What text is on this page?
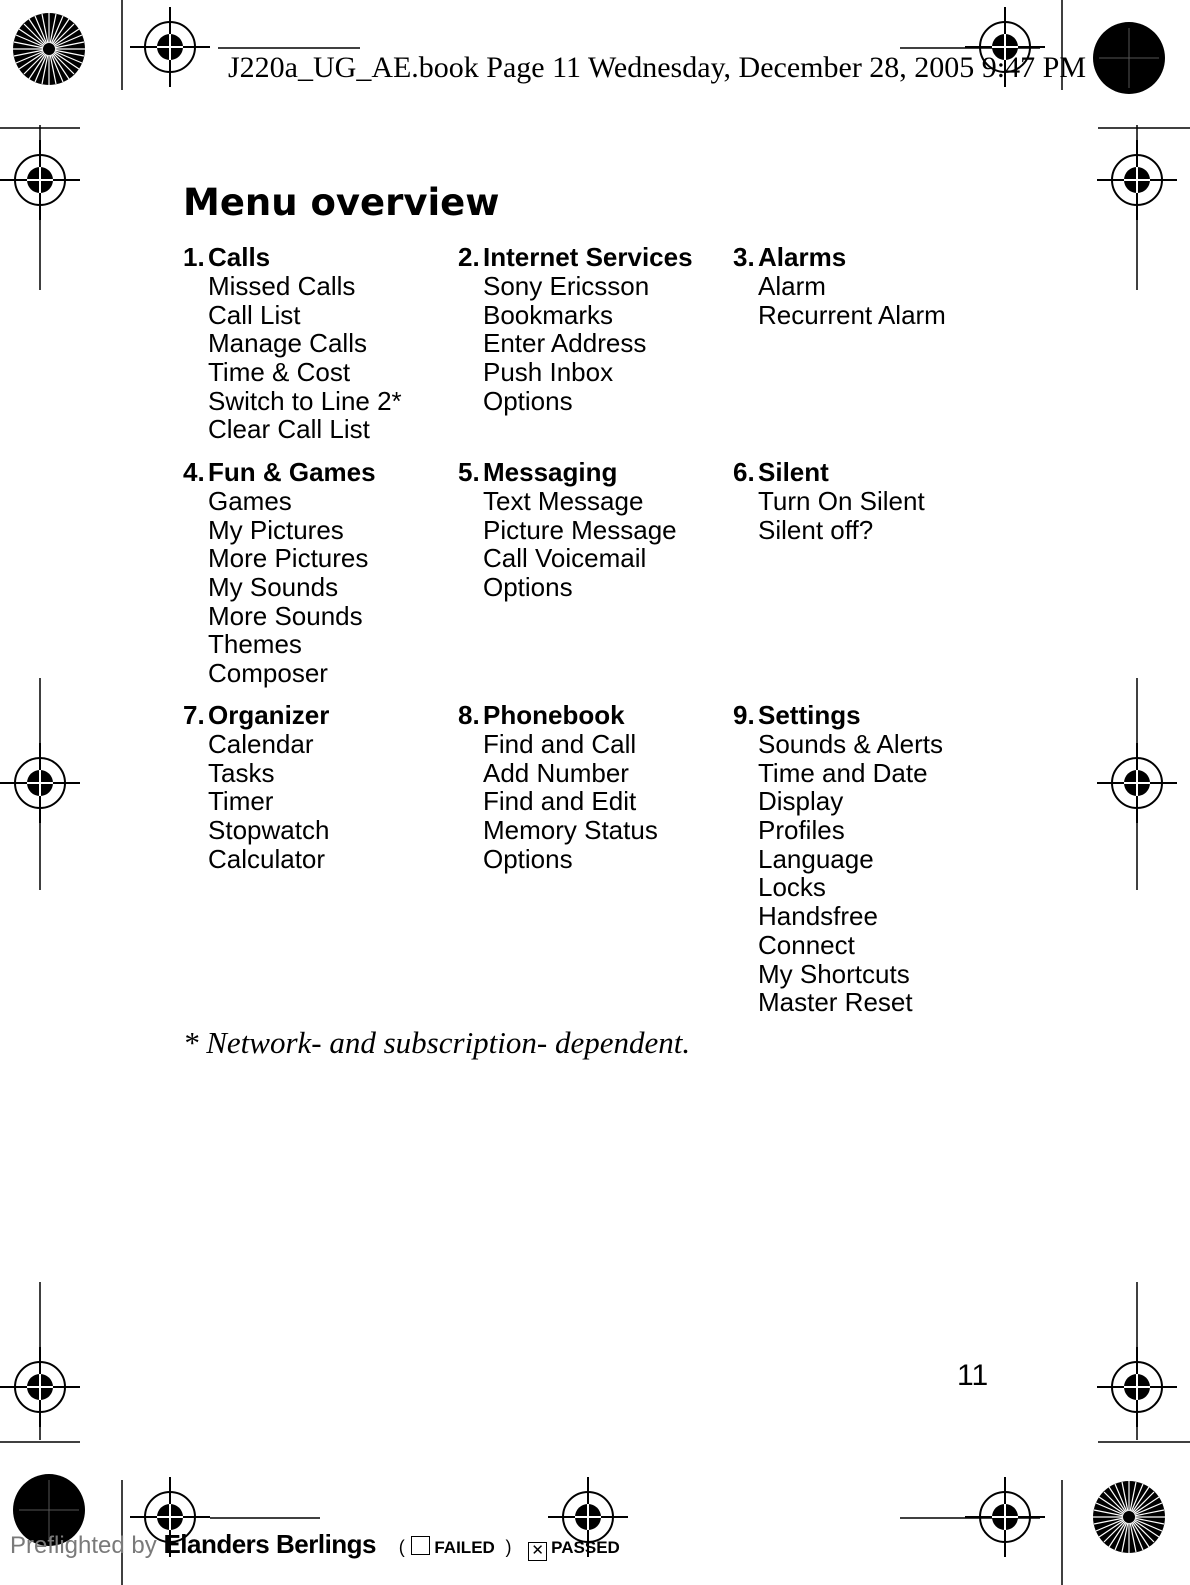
J220a_UG_AE.book Page 11 Wednesday, December 28, 2005 9:47 PM
Menu overview
1. Calls
Missed Calls
Call List
Manage Calls
Time & Cost
Switch to Line 2*
Clear Call List
2. Internet Services
Sony Ericsson
Bookmarks
Enter Address
Push Inbox
Options
3. Alarms
Alarm
Recurrent Alarm
4. Fun & Games
Games
My Pictures
More Pictures
My Sounds
More Sounds
Themes
Composer
5. Messaging
Text Message
Picture Message
Call Voicemail
Options
6. Silent
Turn On Silent
Silent off?
7. Organizer
Calendar
Tasks
Timer
Stopwatch
Calculator
8. Phonebook
Find and Call
Add Number
Find and Edit
Memory Status
Options
9. Settings
Sounds & Alerts
Time and Date
Display
Profiles
Language
Locks
Handsfree
Connect
My Shortcuts
Master Reset

* Network- and subscription- dependent.

11
Preflighted by Elanders Berlings ( FAILED ) ✕ PASSED
